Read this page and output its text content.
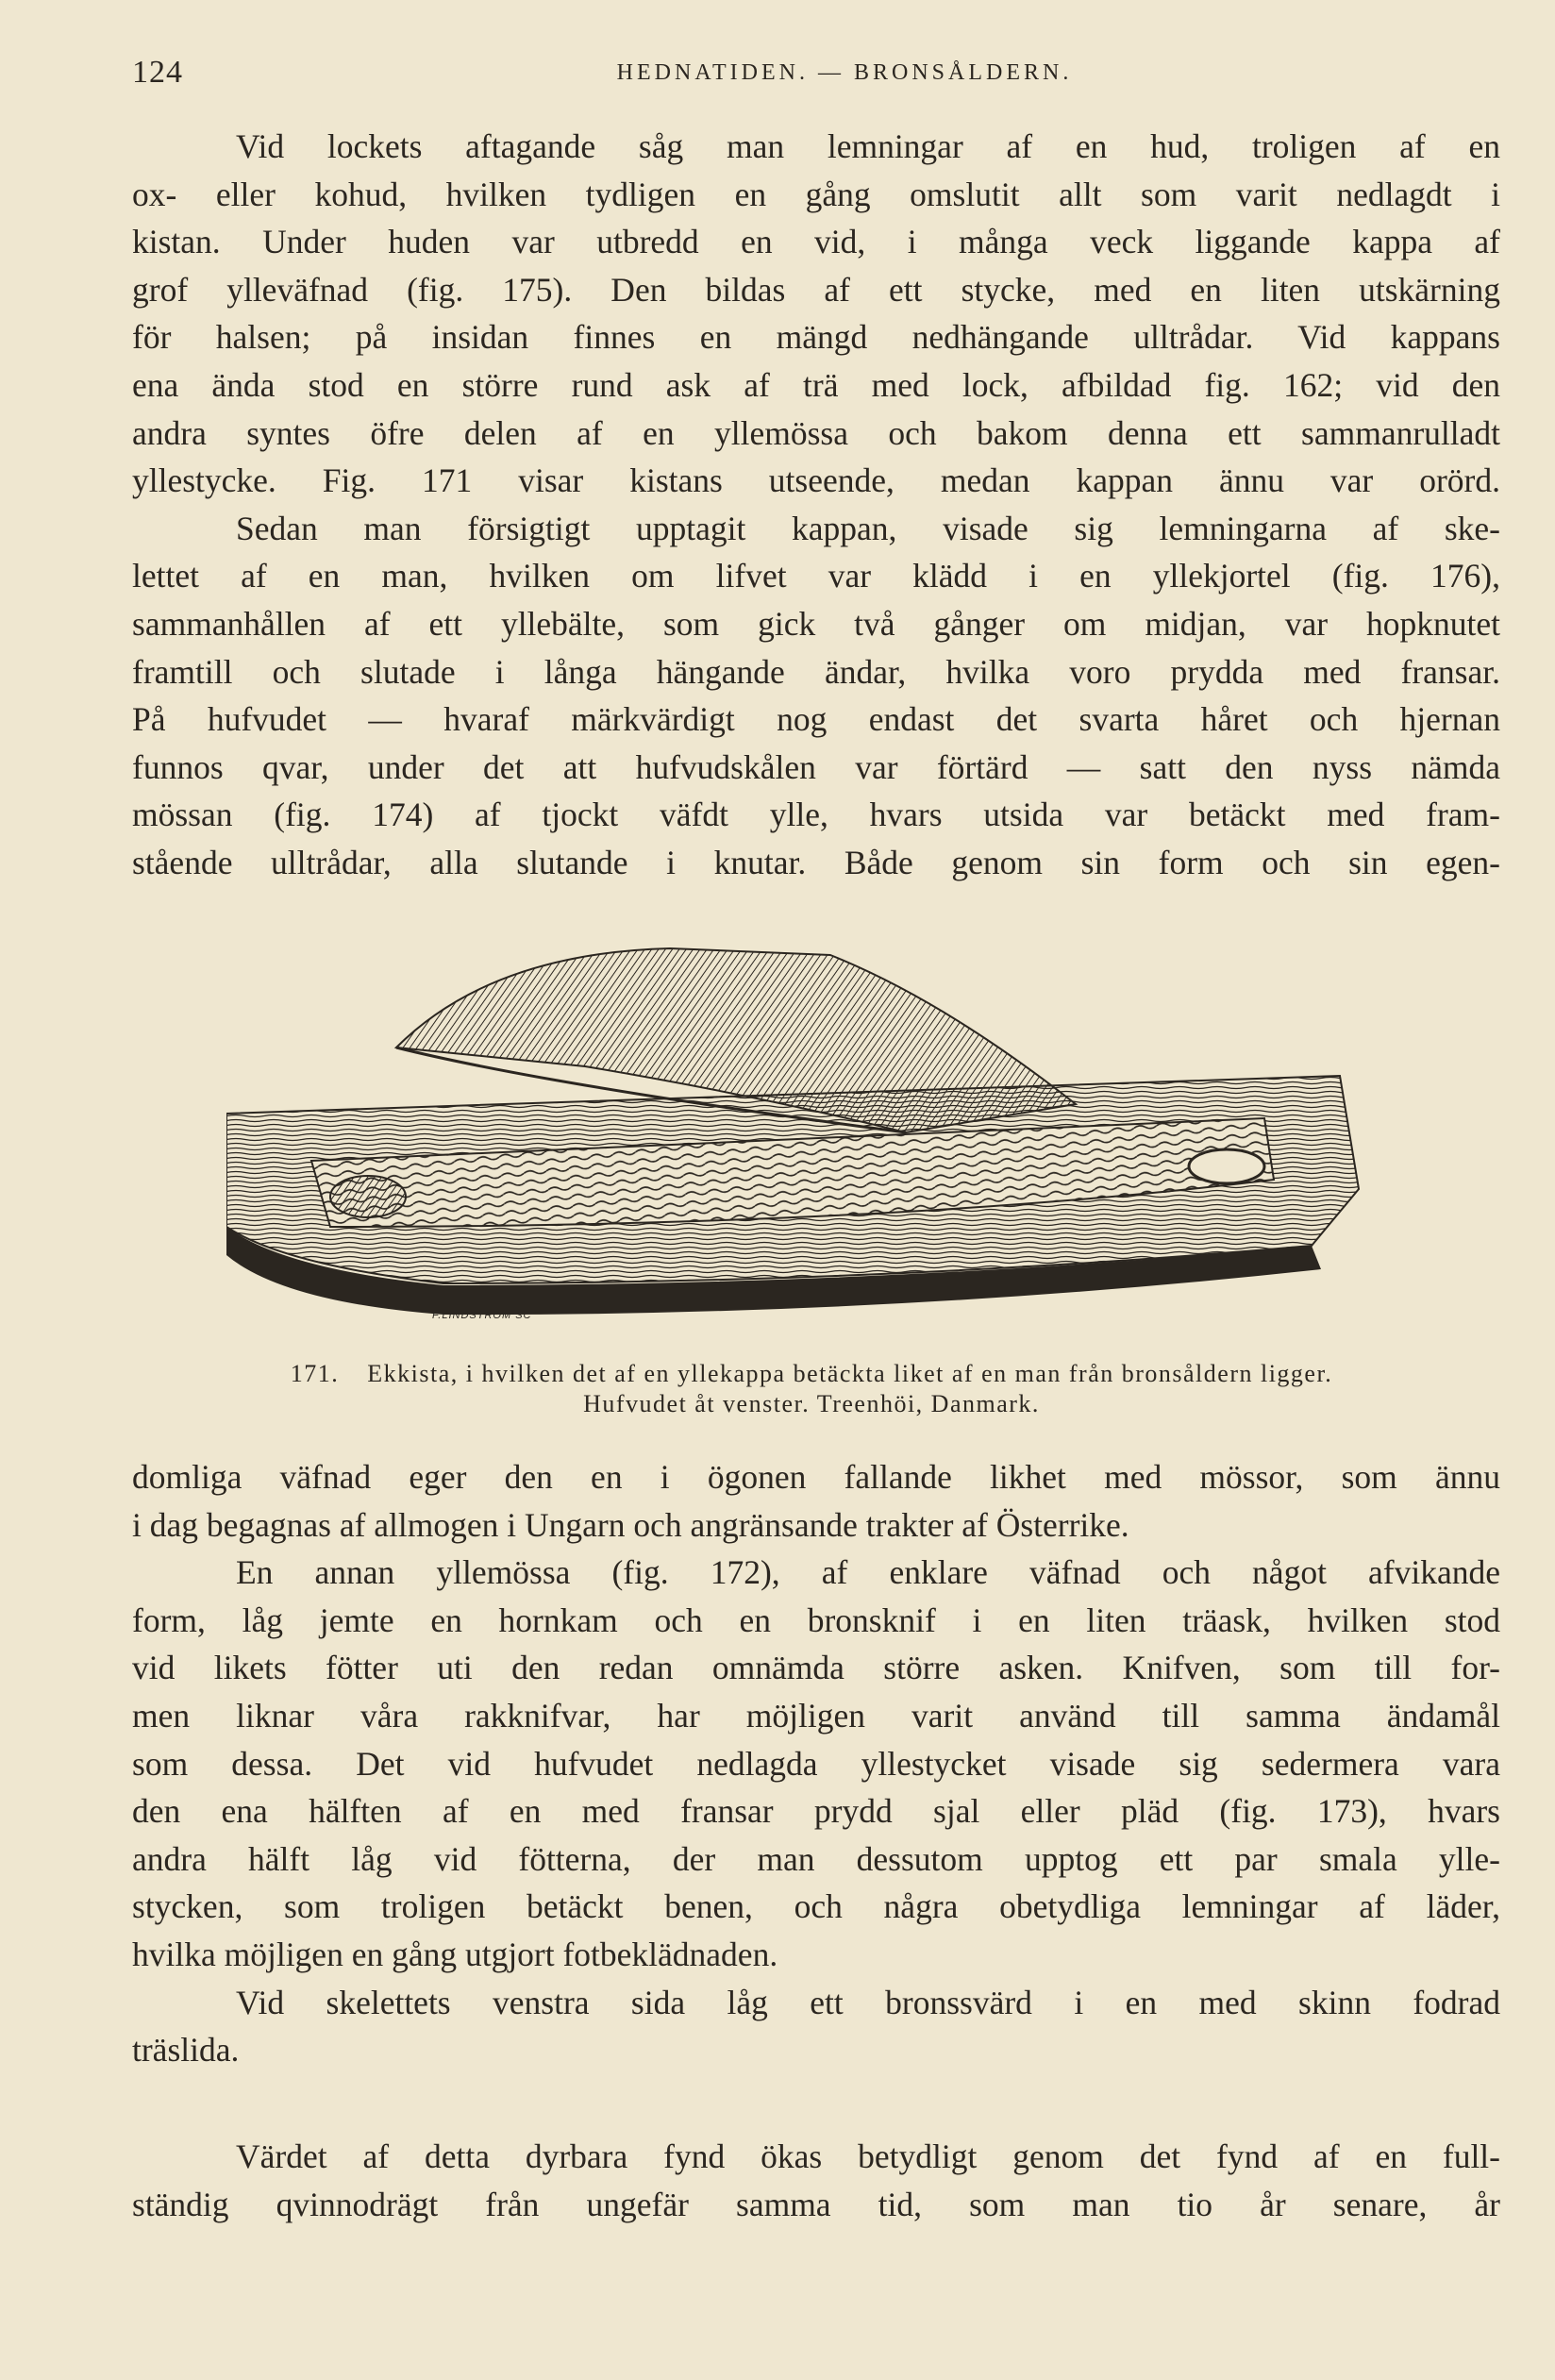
124	HEDNATIDEN. — BRONSÅLDERN.

Vid lockets aftagande såg man lemningar af en hud, troligen af en

ox- eller kohud, hvilken tydligen en gång omslutit allt som varit nedlagdt i

kistan. Under huden var utbredd en vid, i många veck liggande kappa af

grof ylleväfnad (fig. 175). Den bildas af ett stycke, med en liten utskärning

för halsen; på insidan finnes en mängd nedhängande ulltrådar. Vid kappans

ena ända stod en större rund ask af trä med lock, afbildad fig. 162; vid den

andra syntes öfre delen af en yllemössa och bakom denna ett sammanrulladt

yllestycke. Fig. 171 visar kistans utseende, medan kappan ännu var orörd.

Sedan man försigtigt upptagit kappan, visade sig lemningarna af ske-

lettet af en man, hvilken om lifvet var klädd i en yllekjortel (fig. 176),

sammanhållen af ett yllebälte, som gick två gånger om midjan, var hopknutet

framtill och slutade i långa hängande ändar, hvilka voro prydda med fransar.

På hufvudet — hvaraf märkvärdigt nog endast det svarta håret och hjernan

funnos qvar, under det att hufvudskålen var förtärd — satt den nyss nämda

mössan (fig. 174) af tjockt väfdt ylle, hvars utsida var betäckt med fram-

stående ulltrådar, alla slutande i knutar. Både genom sin form och sin egen-

F.LINDSTRÖM SC
171. Ekkista, i hvilken det af en yllekappa betäckta liket af en man från bronsåldern ligger.
Hufvudet åt venster. Treenhöi, Danmark.

domliga väfnad eger den en i ögonen fallande likhet med mössor, som ännu

i dag begagnas af allmogen i Ungarn och angränsande trakter af Österrike.

En annan yllemössa (fig. 172), af enklare väfnad och något afvikande

form, låg jemte en hornkam och en bronsknif i en liten träask, hvilken stod

vid likets fötter uti den redan omnämda större asken. Knifven, som till for-

men liknar våra rakknifvar, har möjligen varit använd till samma ändamål

som dessa. Det vid hufvudet nedlagda yllestycket visade sig sedermera vara

den ena hälften af en med fransar prydd sjal eller pläd (fig. 173), hvars

andra hälft låg vid fötterna, der man dessutom upptog ett par smala ylle-

stycken, som troligen betäckt benen, och några obetydliga lemningar af läder,

hvilka möjligen en gång utgjort fotbeklädnaden.

Vid skelettets venstra sida låg ett bronssvärd i en med skinn fodrad

träslida.

Värdet af detta dyrbara fynd ökas betydligt genom det fynd af en full-

ständig qvinnodrägt från ungefär samma tid, som man tio år senare, år
